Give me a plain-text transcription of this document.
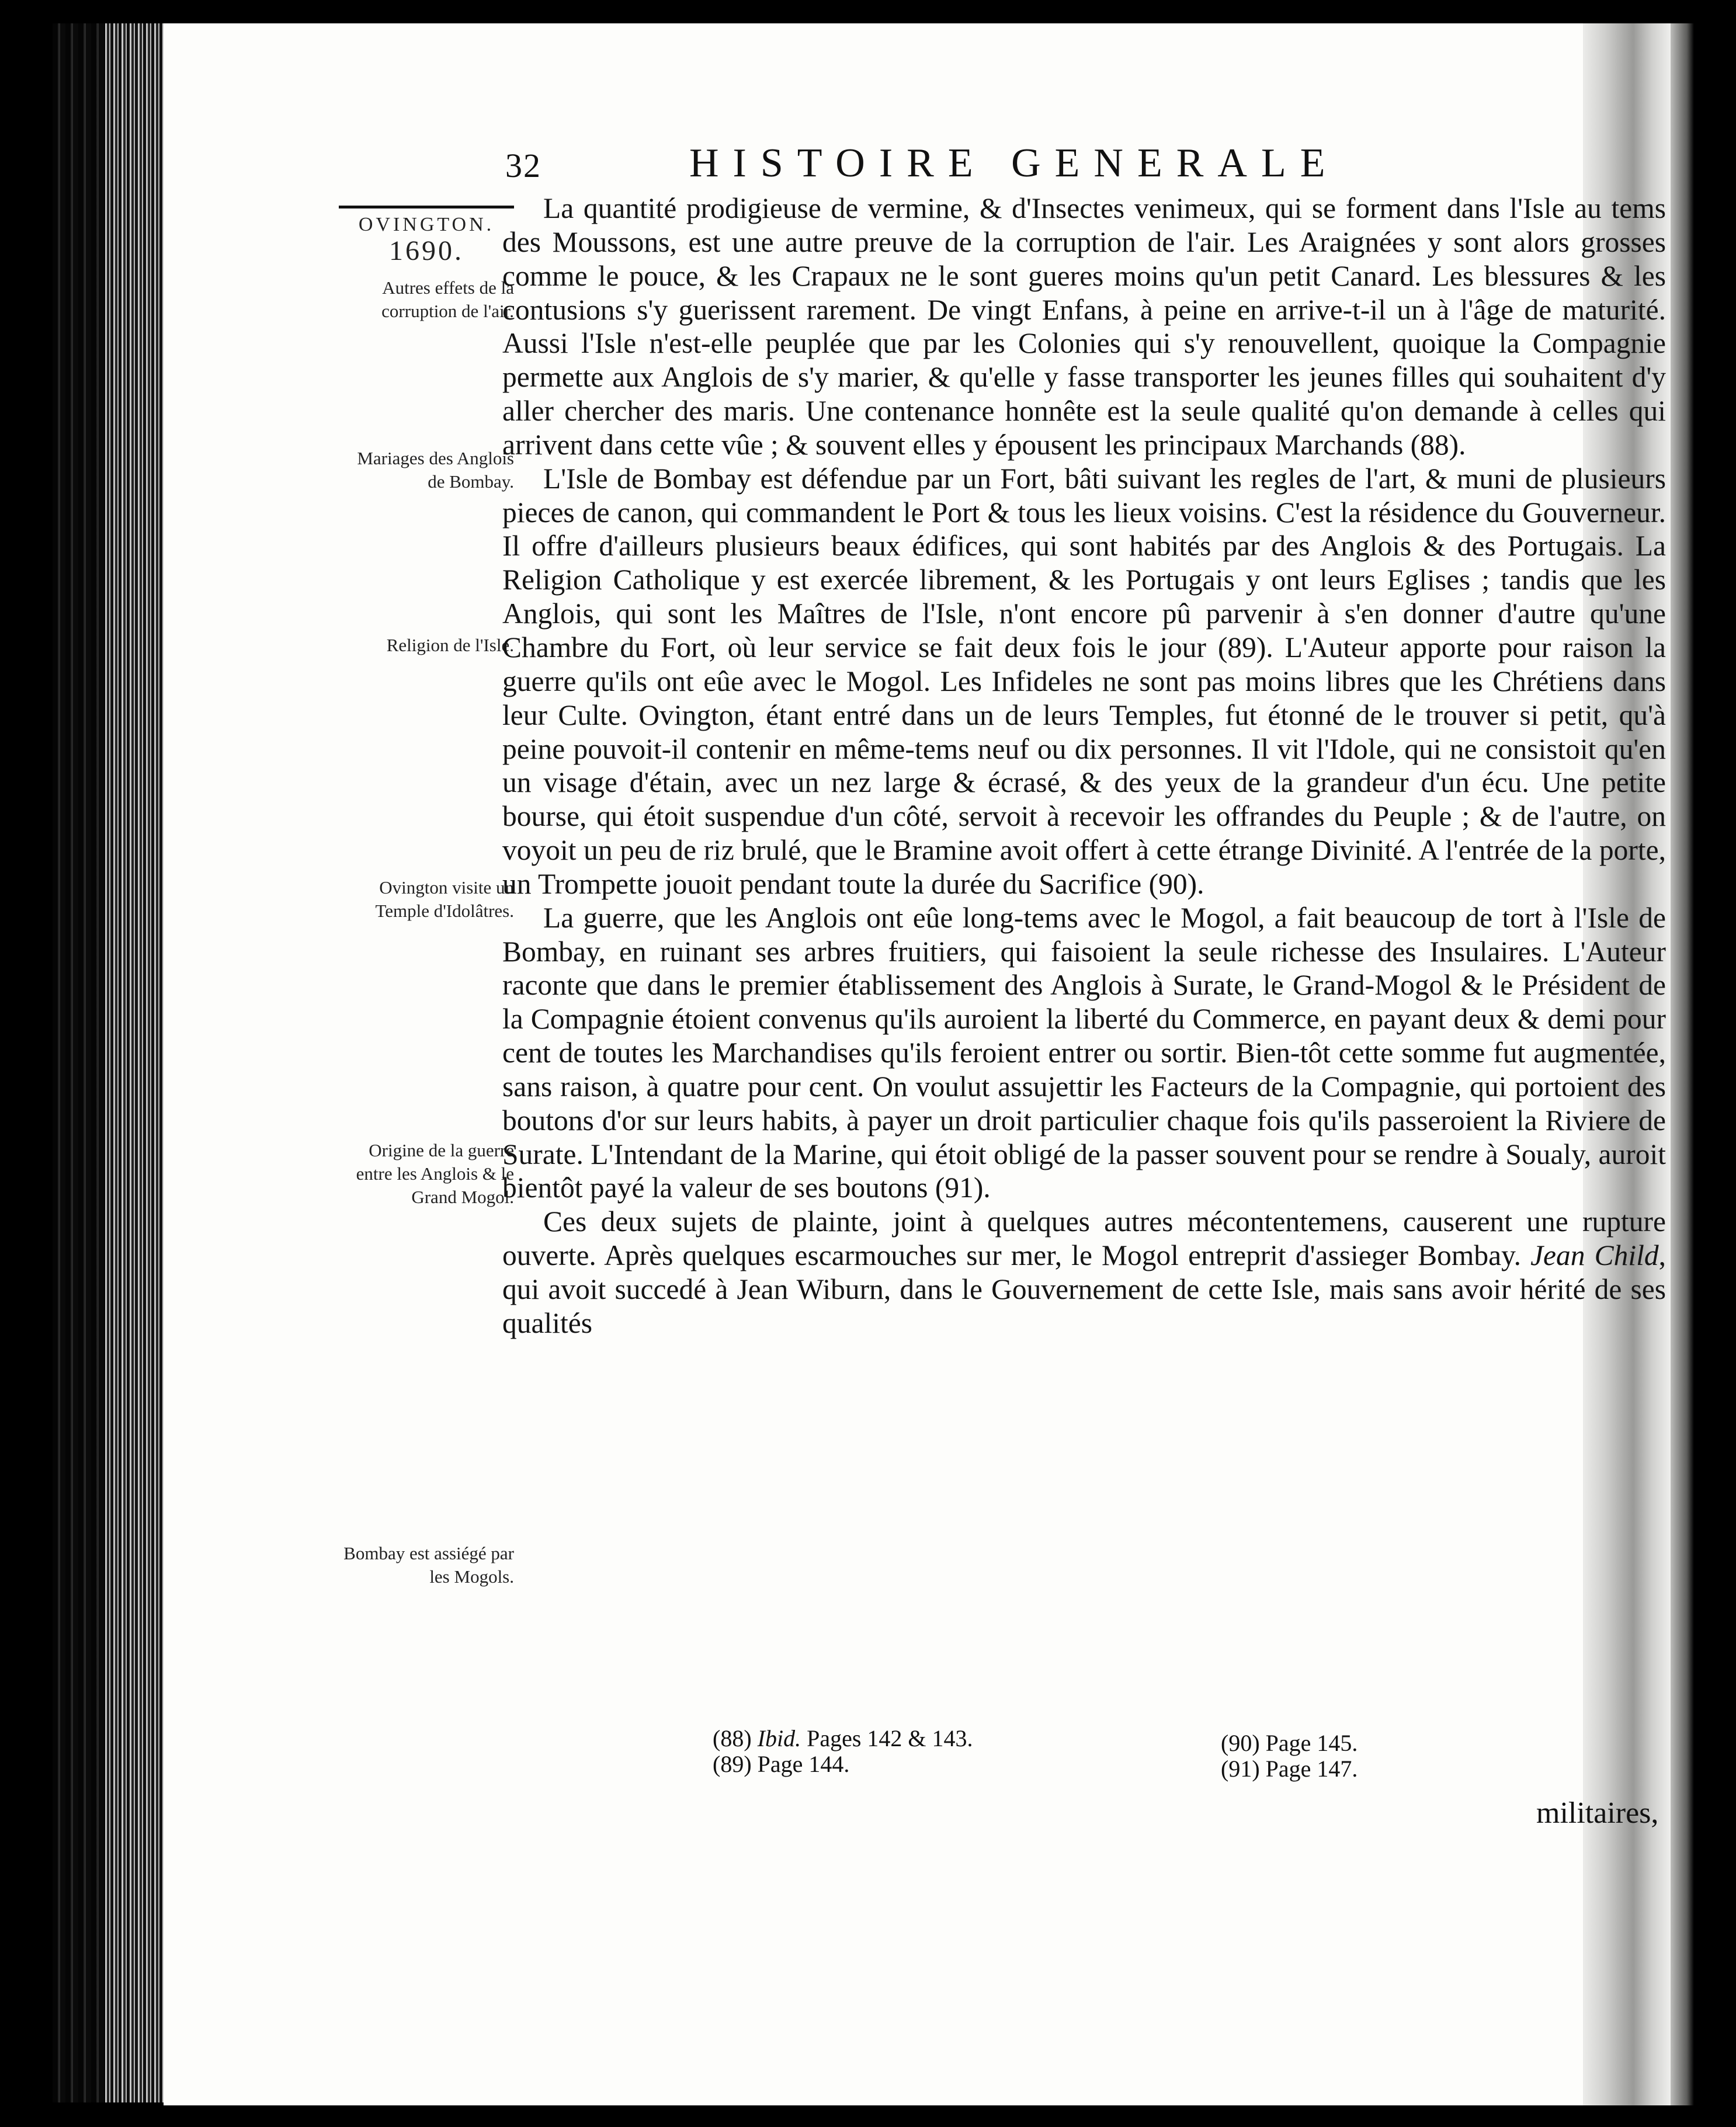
32	HISTOIRE GENERALE
OVINGTON.
1690.
Autres effets de la corruption de l'air.
Mariages des Anglois de Bombay.
Religion de l'Isle.
Ovington visite un Temple d'Idolâtres.
Origine de la guerre entre les Anglois & le Grand Mogol.
Bombay est assiégé par les Mogols.

La quantité prodigieuse de vermine, & d'Insectes venimeux, qui se forment dans l'Isle au tems des Moussons, est une autre preuve de la corruption de l'air. Les Araignées y sont alors grosses comme le pouce, & les Crapaux ne le sont gueres moins qu'un petit Canard. Les blessures & les contusions s'y guerissent rarement. De vingt Enfans, à peine en arrive-t-il un à l'âge de maturité. Aussi l'Isle n'est-elle peuplée que par les Colonies qui s'y renouvellent, quoique la Compagnie permette aux Anglois de s'y marier, & qu'elle y fasse transporter les jeunes filles qui souhaitent d'y aller chercher des maris. Une contenance honnête est la seule qualité qu'on demande à celles qui arrivent dans cette vûe ; & souvent elles y épousent les principaux Marchands (88).

L'Isle de Bombay est défendue par un Fort, bâti suivant les regles de l'art, & muni de plusieurs pieces de canon, qui commandent le Port & tous les lieux voisins. C'est la résidence du Gouverneur. Il offre d'ailleurs plusieurs beaux édifices, qui sont habités par des Anglois & des Portugais. La Religion Catholique y est exercée librement, & les Portugais y ont leurs Eglises ; tandis que les Anglois, qui sont les Maîtres de l'Isle, n'ont encore pû parvenir à s'en donner d'autre qu'une Chambre du Fort, où leur service se fait deux fois le jour (89). L'Auteur apporte pour raison la guerre qu'ils ont eûe avec le Mogol. Les Infideles ne sont pas moins libres que les Chrétiens dans leur Culte. Ovington, étant entré dans un de leurs Temples, fut étonné de le trouver si petit, qu'à peine pouvoit-il contenir en même-tems neuf ou dix personnes. Il vit l'Idole, qui ne consistoit qu'en un visage d'étain, avec un nez large & écrasé, & des yeux de la grandeur d'un écu. Une petite bourse, qui étoit suspendue d'un côté, servoit à recevoir les offrandes du Peuple ; & de l'autre, on voyoit un peu de riz brulé, que le Bramine avoit offert à cette étrange Divinité. A l'entrée de la porte, un Trompette jouoit pendant toute la durée du Sacrifice (90).

La guerre, que les Anglois ont eûe long-tems avec le Mogol, a fait beaucoup de tort à l'Isle de Bombay, en ruinant ses arbres fruitiers, qui faisoient la seule richesse des Insulaires. L'Auteur raconte que dans le premier établissement des Anglois à Surate, le Grand-Mogol & le Président de la Compagnie étoient convenus qu'ils auroient la liberté du Commerce, en payant deux & demi pour cent de toutes les Marchandises qu'ils feroient entrer ou sortir. Bien-tôt cette somme fut augmentée, sans raison, à quatre pour cent. On voulut assujettir les Facteurs de la Compagnie, qui portoient des boutons d'or sur leurs habits, à payer un droit particulier chaque fois qu'ils passeroient la Riviere de Surate. L'Intendant de la Marine, qui étoit obligé de la passer souvent pour se rendre à Soualy, auroit bientôt payé la valeur de ses boutons (91).

Ces deux sujets de plainte, joint à quelques autres mécontentemens, causerent une rupture ouverte. Après quelques escarmouches sur mer, le Mogol entreprit d'assieger Bombay. Jean Child, qui avoit succedé à Jean Wiburn, dans le Gouvernement de cette Isle, mais sans avoir hérité de ses qualités

(88) Ibid. Pages 142 & 143.
(89) Page 144.
(90) Page 145.
(91) Page 147.
militaires,
